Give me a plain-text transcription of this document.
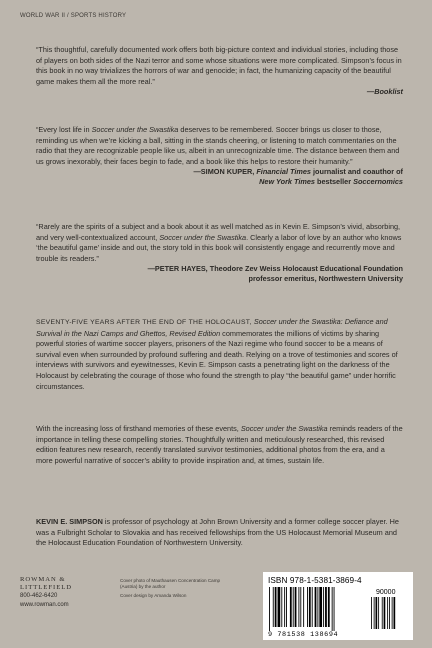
WORLD WAR II / SPORTS HISTORY

“This thoughtful, carefully documented work offers both big-picture context and individual stories, including those of players on both sides of the Nazi terror and some whose situations were more complicated. Simpson’s focus in this book in no way trivializes the horrors of war and genocide; in fact, the humanizing capacity of the beautiful game makes them all the more real.”

—Booklist

“Every lost life in Soccer under the Swastika deserves to be remembered. Soccer brings us closer to those, reminding us when we’re kicking a ball, sitting in the stands cheering, or listening to match commentaries on the radio that they are recognizable people like us, albeit in an unrecognizable time. The distance between them and us grows inexorably, their faces begin to fade, and a book like this helps to restore their humanity.”

—SIMON KUPER, Financial Times journalist and coauthor of

New York Times bestseller Soccernomics

“Rarely are the spirits of a subject and a book about it as well matched as in Kevin E. Simpson’s vivid, absorbing, and very well-contextualized account, Soccer under the Swastika. Clearly a labor of love by an author who knows ‘the beautiful game’ inside and out, the story told in this book will consistently engage and recurrently move and trouble its readers.”

—PETER HAYES, Theodore Zev Weiss Holocaust Educational Foundation

professor emeritus, Northwestern University

SEVENTY-FIVE YEARS AFTER THE END OF THE HOLOCAUST, Soccer under the Swastika: Defiance and Survival in the Nazi Camps and Ghettos, Revised Edition commemorates the millions of victims by sharing powerful stories of wartime soccer players, prisoners of the Nazi regime who found soccer to be a means of survival even when surrounded by profound suffering and death. Relying on a trove of testimonies and scores of interviews with survivors and eyewitnesses, Kevin E. Simpson casts a penetrating light on the darkness of the Holocaust by celebrating the courage of those who found the strength to play “the beautiful game” under horrific circumstances.

With the increasing loss of firsthand memories of these events, Soccer under the Swastika reminds readers of the importance in telling these compelling stories. Thoughtfully written and meticulously researched, this revised edition features new research, recently translated survivor testimonies, additional photos from the era, and a more powerful narrative of soccer’s ability to provide inspiration and, at times, sustain life.

KEVIN E. SIMPSON is professor of psychology at John Brown University and a former college soccer player. He was a Fulbright Scholar to Slovakia and has received fellowships from the US Holocaust Memorial Museum and the Holocaust Education Foundation of Northwestern University.

ROWMAN &
LITTLEFIELD
800-462-6420
www.rowman.com
Cover photo of Mauthausen Concentration Camp (Austria) by the author
Cover design by Amanda Wilson
ISBN 978-1-5381-3869-4
90000
9 781538 138694
